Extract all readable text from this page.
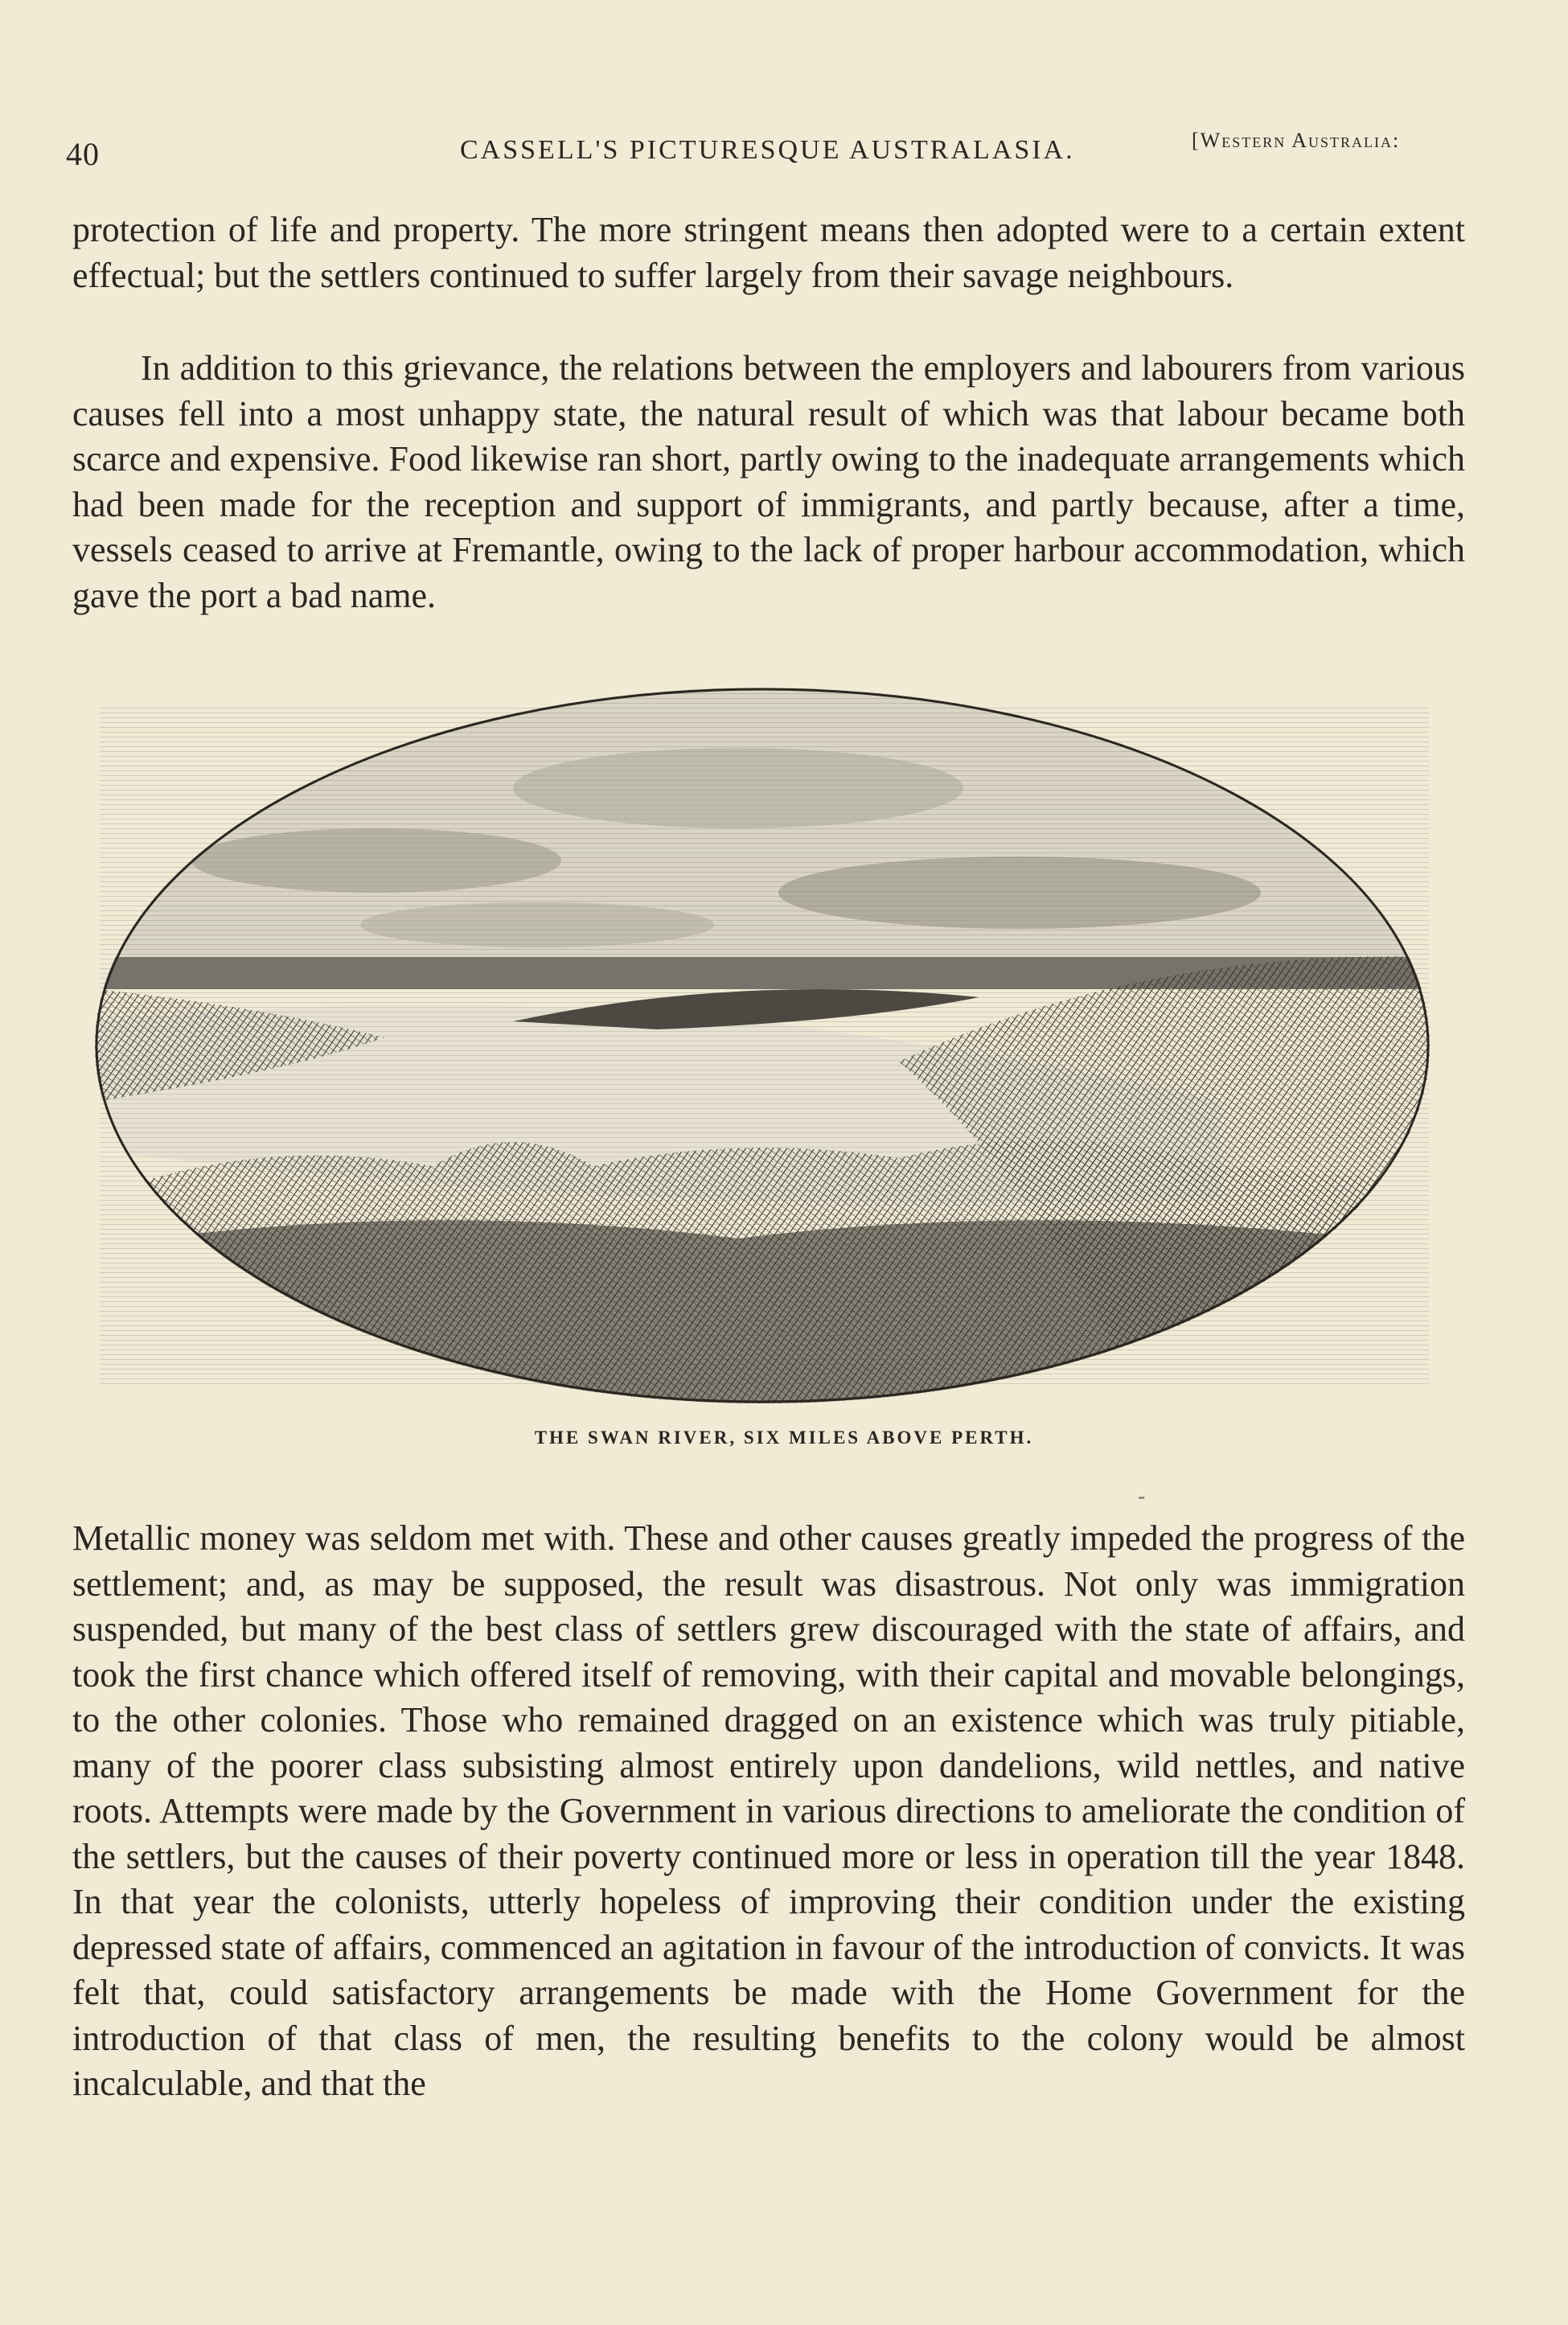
40	CASSELL'S PICTURESQUE AUSTRALASIA.	[Western Australia:

protection of life and property. The more stringent means then adopted were to a certain extent effectual; but the settlers continued to suffer largely from their savage neighbours.

In addition to this grievance, the relations between the employers and labourers from various causes fell into a most unhappy state, the natural result of which was that labour became both scarce and expensive. Food likewise ran short, partly owing to the inadequate arrangements which had been made for the reception and support of immigrants, and partly because, after a time, vessels ceased to arrive at Fremantle, owing to the lack of proper harbour accommodation, which gave the port a bad name.

THE SWAN RIVER, SIX MILES ABOVE PERTH.
-

Metallic money was seldom met with. These and other causes greatly impeded the progress of the settlement; and, as may be supposed, the result was disastrous. Not only was immigration suspended, but many of the best class of settlers grew discouraged with the state of affairs, and took the first chance which offered itself of removing, with their capital and movable belongings, to the other colonies. Those who remained dragged on an existence which was truly pitiable, many of the poorer class subsisting almost entirely upon dandelions, wild nettles, and native roots. Attempts were made by the Government in various directions to ameliorate the condition of the settlers, but the causes of their poverty continued more or less in operation till the year 1848. In that year the colonists, utterly hopeless of improving their condition under the existing depressed state of affairs, commenced an agitation in favour of the introduction of convicts. It was felt that, could satisfactory arrangements be made with the Home Government for the introduction of that class of men, the resulting benefits to the colony would be almost incalculable, and that the
